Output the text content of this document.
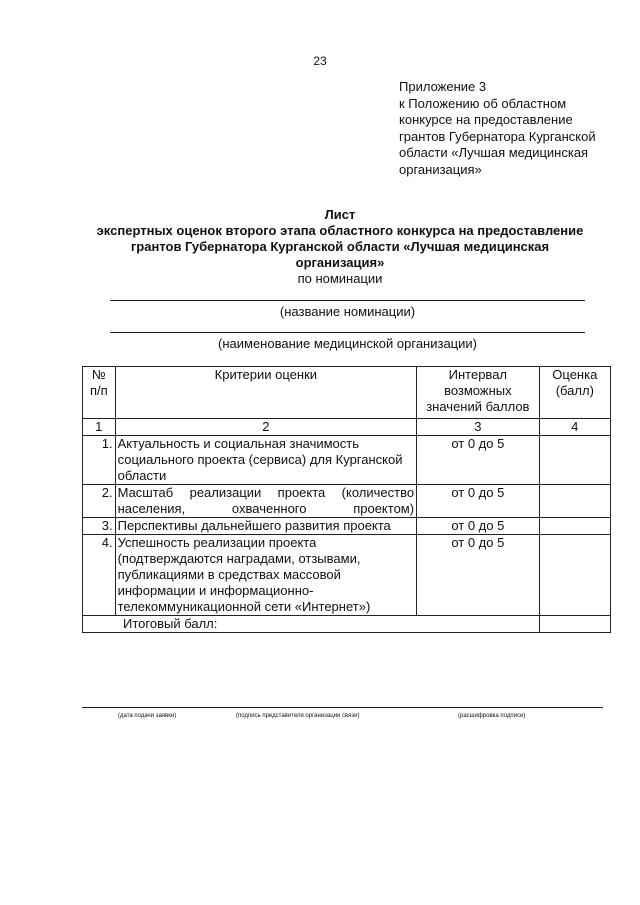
23
Приложение 3
к Положению об областном
конкурсе на предоставление
грантов Губернатора Курганской
области «Лучшая медицинская
организация»
Лист
экспертных оценок второго этапа областного конкурса на предоставление
грантов Губернатора Курганской области «Лучшая медицинская
организация»
по номинации
(название номинации)
(наименование медицинской организации)
№ п/п	Критерии оценки	Интервал возможных значений баллов	Оценка (балл)
1	2	3	4
1.	Актуальность и социальная значимость социального проекта (сервиса) для Курганской области	от 0 до 5	
2.	Масштаб реализации проекта (количество населения, охваченного проектом)	от 0 до 5	
3.	Перспективы дальнейшего развития проекта	от 0 до 5	
4.	Успешность реализации проекта (подтверждаются наградами, отзывами, публикациями в средствах массовой информации и информационно-телекоммуникационной сети «Интернет»)	от 0 до 5	
Итоговый балл:			
(дата подачи заявки)	(подпись представителя организации связи)	(расшифровка подписи)
